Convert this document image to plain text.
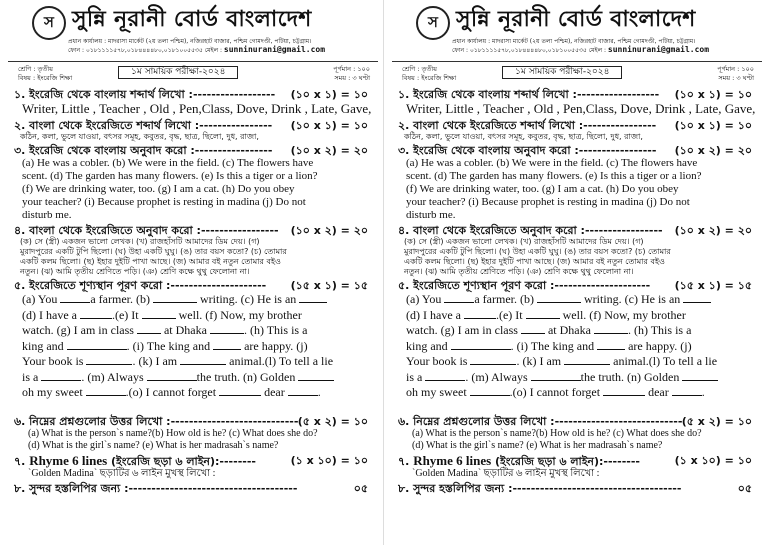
স সুন্নি নূরানী বোর্ড বাংলাদেশ
প্রধান কার্যালয় : মাদরাসা মার্কেট (২য় তলা পশ্চিম), নজিরহাট বাজার, পশ্চিম গোমদণ্ডী, পটিয়া, চট্টগ্রাম।
ফোন : ০১৮১১১১৫৭৮,০১৮৪৪৪৪৮০,০১৮১০০৫৫৩৫ মেইল : sunninurani@gmail.com
শ্রেণি : তৃতীয়
বিষয় : ইংরেজি শিক্ষা
১ম সাময়িক পরীক্ষা-২০২৪	পূর্ণমান : ১০০
সময় : ৩ ঘণ্টা
১. ইংরেজি থেকে বাংলায় শব্দার্থ লিখো :------------------ (১০ x ১) = ১০
Writer, Little , Teacher , Old , Pen,Class, Dove, Drink , Late, Gave,
২. বাংলা থেকে ইংরেজিতে শব্দার্থ লিখো :---------------- (১০ x ১) = ১০
কঠিন, কলা, ভুলে যাওয়া, বৎসর সমূহ, কবুতর, বৃদ্ধ, ছাত্র, ছিলো, দুধ, রাজা,
৩. ইংরেজি থেকে বাংলায় অনুবাদ করো :----------------- (১০ x ২) = ২০
(a) He was a cobler. (b) We were in the field. (c) The flowers have
scent. (d) The garden has many flowers. (e) Is this a tiger or a lion?
(f) We are drinking water, too. (g) I am a cat. (h) Do you obey
your teacher? (i) Because prophet is resting in madina (j) Do not
disturb me.
৪. বাংলা থেকে ইংরেজিতে অনুবাদ করো :----------------- (১০ x ২) = ২০
(ক) সে (স্ত্রী) একজন ভালো লেখক। (খ) রাজহাঁসটি আমাদের ডিম দেয়। (গ)
মুরাদপুরের একটি টুপি ছিলো। (ঘ) উহা একটি ঘুঘু। (ঙ) তার বয়স কতো? (চ) তোমার
একটি কলম ছিলো। (ছ) ইহার দুইটি পাখা আছে। (জ) আমার বই নতুন তোমার বইও
নতুন। (ঝ) আমি তৃতীয় শ্রেণিতে পড়ি। (ঞ) শ্রেণি কক্ষে থুথু ফেলোনা না।
৫. ইংরেজিতে শূণ্যস্থান পূরণ করো :--------------------- (১৫ x ১) = ১৫
(a) You	a farmer. (b)	writing. (c) He is an
(d) I have a	.(e) It	well. (f) Now, my brother
watch. (g) I am in class	at Dhaka	. (h) This is a
king and	. (i) The king and	are happy. (j)
Your book is	. (k) I am	animal.(l) To tell a lie
is a	. (m) Always	the truth. (n) Golden
oh my sweet	.(o) I cannot forget	dear	.
৬. নিম্নের প্রশ্নগুলোর উত্তর লিখো :---------------------------- (৫ x ২) = ১০
(a) What is the person`s name?(b) How old is he? (c) What does she do?
(d) What is the girl`s name? (e) What is her madrasah`s name?
৭. Rhyme 6 lines (ইংরেজি ছড়া ৬ লাইন):--------	(১ x ১০) = ১০
`Golden Madina` ছড়াটির ৬ লাইন মুখস্থ লিখো :
৮. সুন্দর হস্তলিপির জন্য :-------------------------------------	০৫
স সুন্নি নূরানী বোর্ড বাংলাদেশ
প্রধান কার্যালয় : মাদরাসা মার্কেট (২য় তলা পশ্চিম), নজিরহাট বাজার, পশ্চিম গোমদণ্ডী, পটিয়া, চট্টগ্রাম।
ফোন : ০১৮১১১১৫৭৮,০১৮৪৪৪৪৮০,০১৮১০০৫৫৩৫ মেইল : sunninurani@gmail.com
শ্রেণি : তৃতীয়
বিষয় : ইংরেজি শিক্ষা
১ম সাময়িক পরীক্ষা-২০২৪	পূর্ণমান : ১০০
সময় : ৩ ঘণ্টা
১. ইংরেজি থেকে বাংলায় শব্দার্থ লিখো :------------------ (১০ x ১) = ১০
Writer, Little , Teacher , Old , Pen,Class, Dove, Drink , Late, Gave,
২. বাংলা থেকে ইংরেজিতে শব্দার্থ লিখো :---------------- (১০ x ১) = ১০
কঠিন, কলা, ভুলে যাওয়া, বৎসর সমূহ, কবুতর, বৃদ্ধ, ছাত্র, ছিলো, দুধ, রাজা,
৩. ইংরেজি থেকে বাংলায় অনুবাদ করো :----------------- (১০ x ২) = ২০
(a) He was a cobler. (b) We were in the field. (c) The flowers have
scent. (d) The garden has many flowers. (e) Is this a tiger or a lion?
(f) We are drinking water, too. (g) I am a cat. (h) Do you obey
your teacher? (i) Because prophet is resting in madina (j) Do not
disturb me.
৪. বাংলা থেকে ইংরেজিতে অনুবাদ করো :----------------- (১০ x ২) = ২০
(ক) সে (স্ত্রী) একজন ভালো লেখক। (খ) রাজহাঁসটি আমাদের ডিম দেয়। (গ)
মুরাদপুরের একটি টুপি ছিলো। (ঘ) উহা একটি ঘুঘু। (ঙ) তার বয়স কতো? (চ) তোমার
একটি কলম ছিলো। (ছ) ইহার দুইটি পাখা আছে। (জ) আমার বই নতুন তোমার বইও
নতুন। (ঝ) আমি তৃতীয় শ্রেণিতে পড়ি। (ঞ) শ্রেণি কক্ষে থুথু ফেলোনা না।
৫. ইংরেজিতে শূণ্যস্থান পূরণ করো :--------------------- (১৫ x ১) = ১৫
(a) You	a farmer. (b)	writing. (c) He is an
(d) I have a	.(e) It	well. (f) Now, my brother
watch. (g) I am in class	at Dhaka	. (h) This is a
king and	. (i) The king and	are happy. (j)
Your book is	. (k) I am	animal.(l) To tell a lie
is a	. (m) Always	the truth. (n) Golden
oh my sweet	.(o) I cannot forget	dear	.
৬. নিম্নের প্রশ্নগুলোর উত্তর লিখো :---------------------------- (৫ x ২) = ১০
(a) What is the person`s name?(b) How old is he? (c) What does she do?
(d) What is the girl`s name? (e) What is her madrasah`s name?
৭. Rhyme 6 lines (ইংরেজি ছড়া ৬ লাইন):--------	(১ x ১০) = ১০
`Golden Madina` ছড়াটির ৬ লাইন মুখস্থ লিখো :
৮. সুন্দর হস্তলিপির জন্য :-------------------------------------	০৫
